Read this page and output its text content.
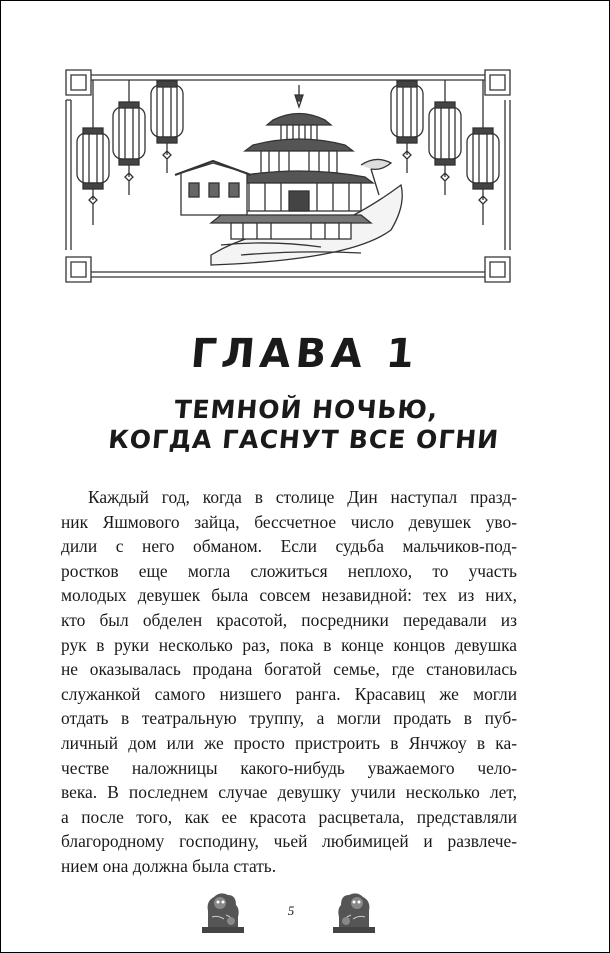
ГЛАВА 1
ТЕМНОЙ НОЧЬЮ,
КОГДА ГАСНУТ ВСЕ ОГНИ
Каждый год, когда в столице Дин наступал празд-
ник Яшмового зайца, бессчетное число девушек уво-
дили с него обманом. Если судьба мальчиков-под-
ростков еще могла сложиться неплохо, то участь
молодых девушек была совсем незавидной: тех из них,
кто был обделен красотой, посредники передавали из
рук в руки несколько раз, пока в конце концов девушка
не оказывалась продана богатой семье, где становилась
служанкой самого низшего ранга. Красавиц же могли
отдать в театральную труппу, а могли продать в пуб-
личный дом или же просто пристроить в Янчжоу в ка-
честве наложницы какого-нибудь уважаемого чело-
века. В последнем случае девушку учили несколько лет,
а после того, как ее красота расцветала, представляли
благородному господину, чьей любимицей и развлече-
нием она должна была стать.
5
